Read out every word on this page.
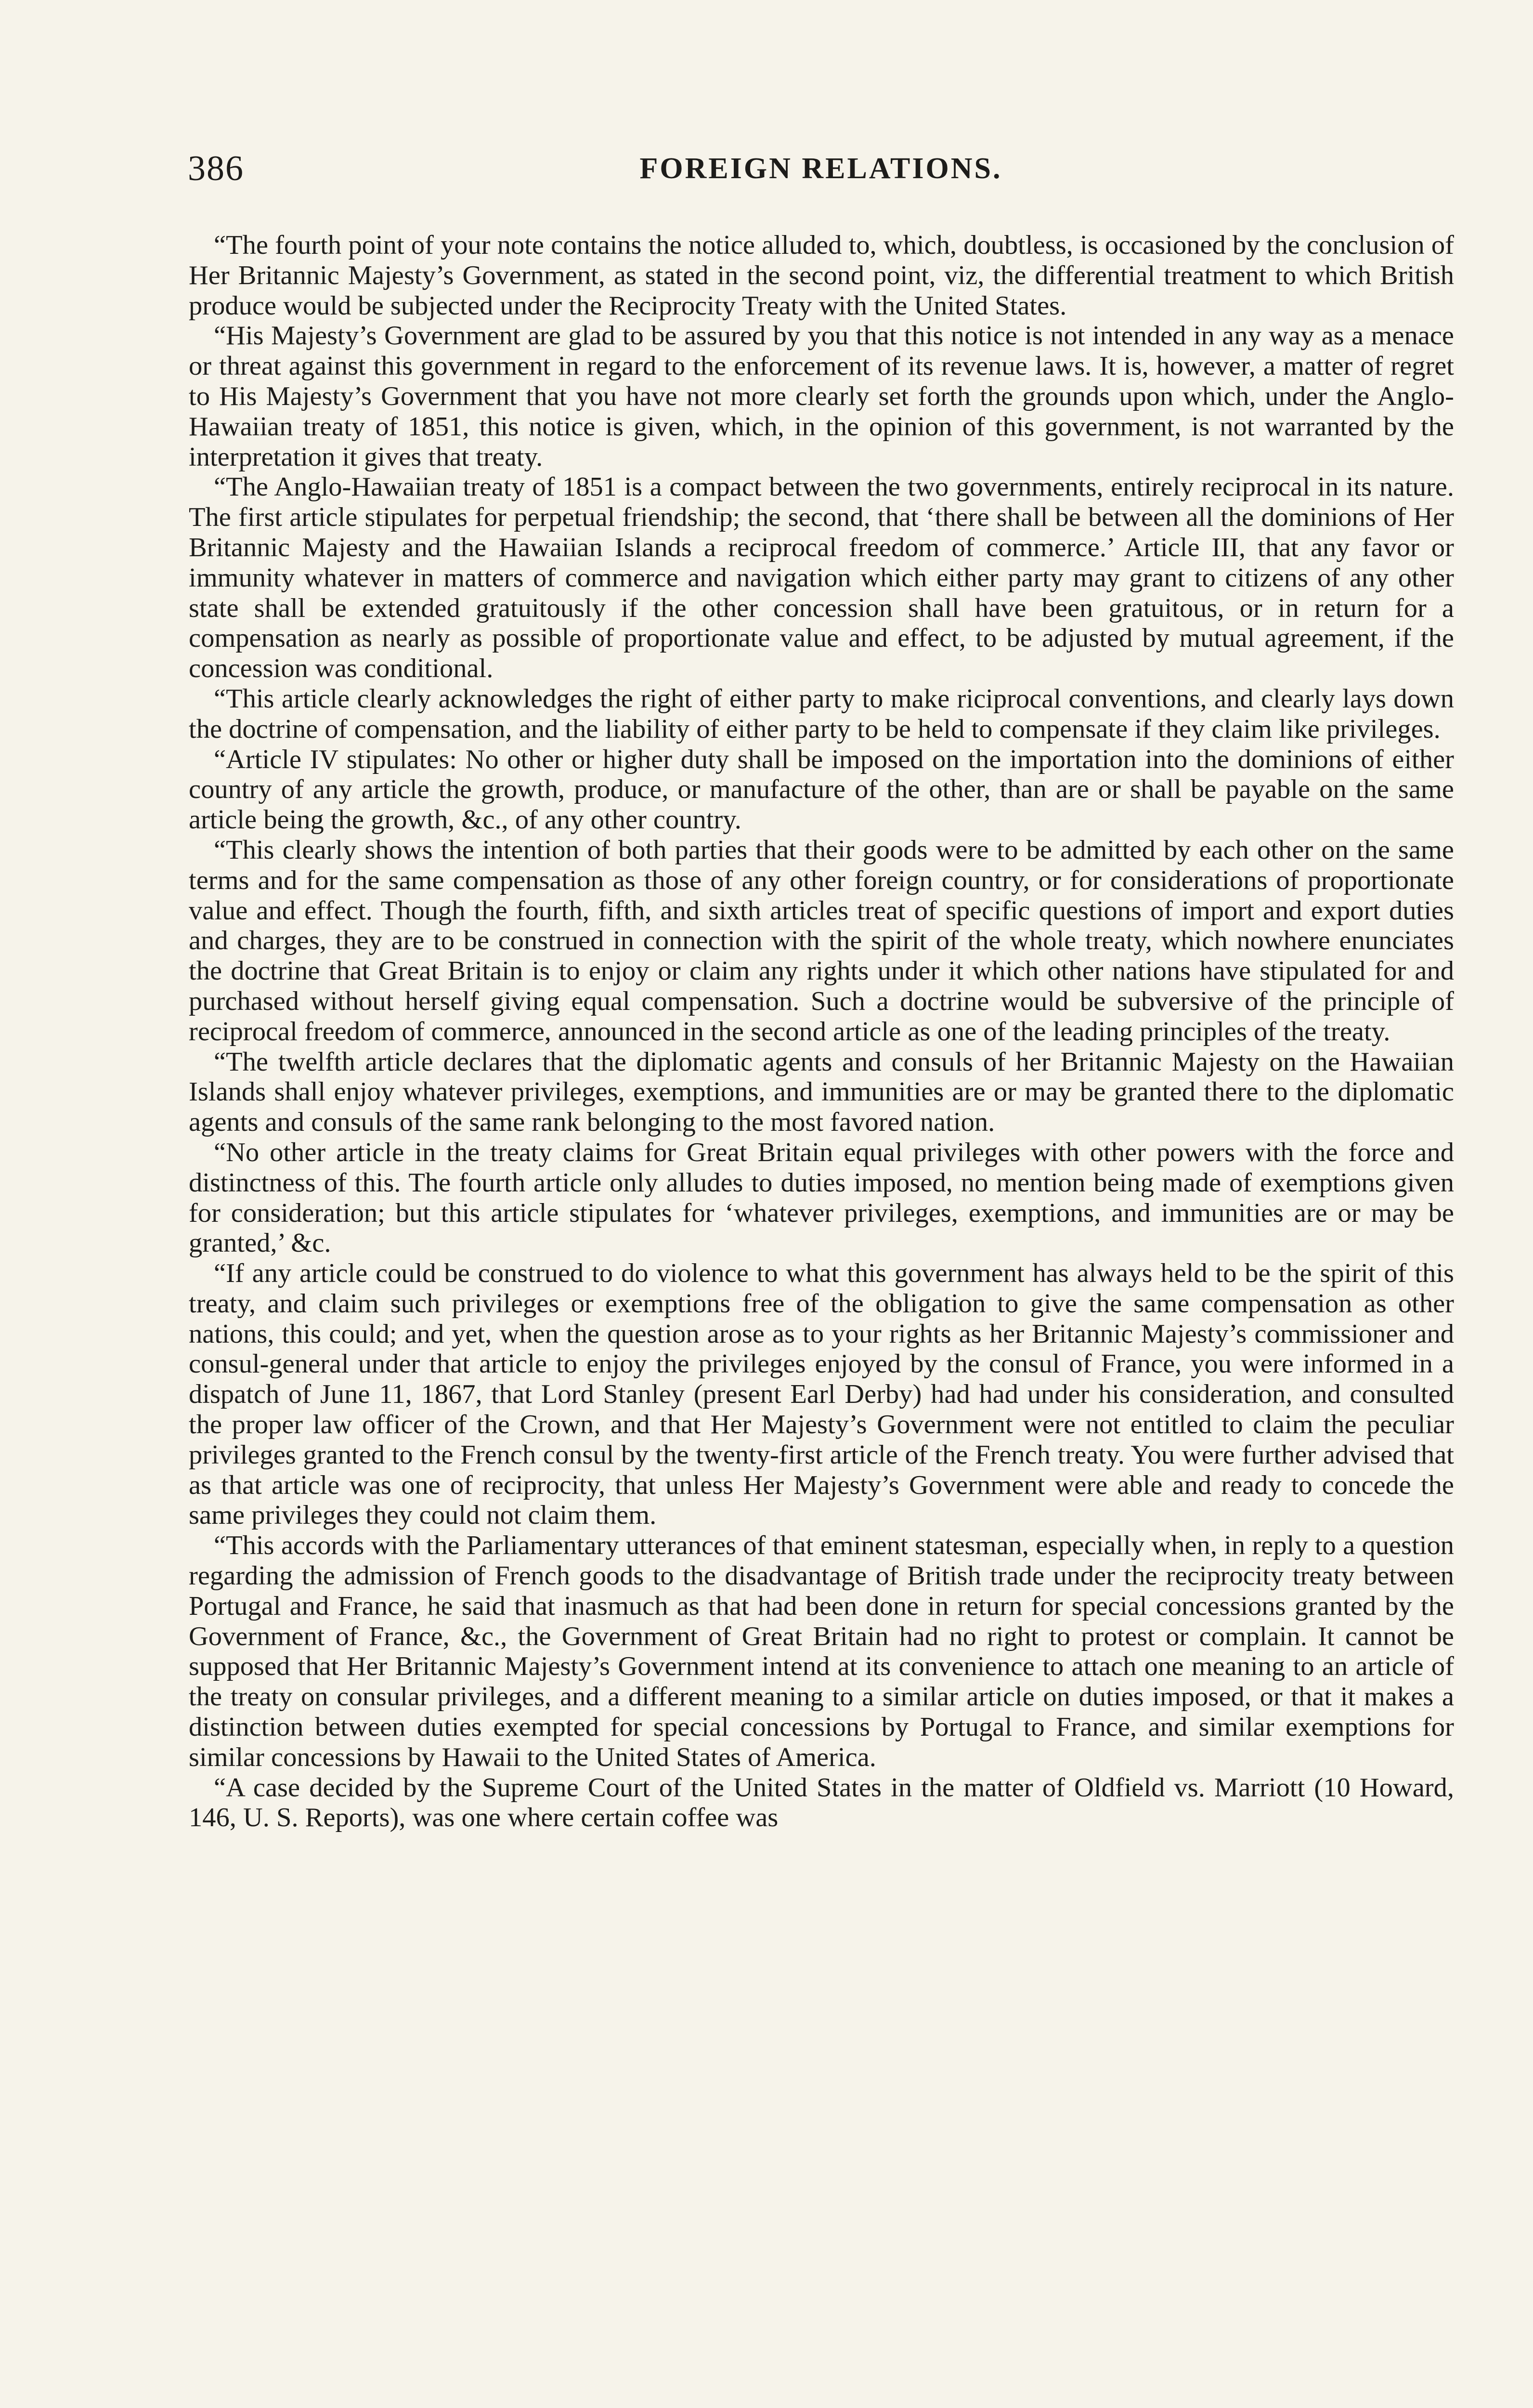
386	FOREIGN RELATIONS.

“The fourth point of your note contains the notice alluded to, which, doubtless, is occasioned by the conclusion of Her Britannic Majesty’s Government, as stated in the second point, viz, the differential treatment to which British produce would be subjected under the Reciprocity Treaty with the United States.

“His Majesty’s Government are glad to be assured by you that this notice is not intended in any way as a menace or threat against this government in regard to the enforcement of its revenue laws. It is, however, a matter of regret to His Majesty’s Government that you have not more clearly set forth the grounds upon which, under the Anglo-Hawaiian treaty of 1851, this notice is given, which, in the opinion of this government, is not warranted by the interpretation it gives that treaty.

“The Anglo-Hawaiian treaty of 1851 is a compact between the two governments, entirely reciprocal in its nature. The first article stipulates for perpetual friendship; the second, that ‘there shall be between all the dominions of Her Britannic Majesty and the Hawaiian Islands a reciprocal freedom of commerce.’ Article III, that any favor or immunity whatever in matters of commerce and navigation which either party may grant to citizens of any other state shall be extended gratuitously if the other concession shall have been gratuitous, or in return for a compensation as nearly as possible of proportionate value and effect, to be adjusted by mutual agreement, if the concession was conditional.

“This article clearly acknowledges the right of either party to make riciprocal conventions, and clearly lays down the doctrine of compensation, and the liability of either party to be held to compensate if they claim like privileges.

“Article IV stipulates: No other or higher duty shall be imposed on the importation into the dominions of either country of any article the growth, produce, or manufacture of the other, than are or shall be payable on the same article being the growth, &c., of any other country.

“This clearly shows the intention of both parties that their goods were to be admitted by each other on the same terms and for the same compensation as those of any other foreign country, or for considerations of proportionate value and effect. Though the fourth, fifth, and sixth articles treat of specific questions of import and export duties and charges, they are to be construed in connection with the spirit of the whole treaty, which nowhere enunciates the doctrine that Great Britain is to enjoy or claim any rights under it which other nations have stipulated for and purchased without herself giving equal compensation. Such a doctrine would be subversive of the principle of reciprocal freedom of commerce, announced in the second article as one of the leading principles of the treaty.

“The twelfth article declares that the diplomatic agents and consuls of her Britannic Majesty on the Hawaiian Islands shall enjoy whatever privileges, exemptions, and immunities are or may be granted there to the diplomatic agents and consuls of the same rank belonging to the most favored nation.

“No other article in the treaty claims for Great Britain equal privileges with other powers with the force and distinctness of this. The fourth article only alludes to duties imposed, no mention being made of exemptions given for consideration; but this article stipulates for ‘whatever privileges, exemptions, and immunities are or may be granted,’ &c.

“If any article could be construed to do violence to what this government has always held to be the spirit of this treaty, and claim such privileges or exemptions free of the obligation to give the same compensation as other nations, this could; and yet, when the question arose as to your rights as her Britannic Majesty’s commissioner and consul-general under that article to enjoy the privileges enjoyed by the consul of France, you were informed in a dispatch of June 11, 1867, that Lord Stanley (present Earl Derby) had had under his consideration, and consulted the proper law officer of the Crown, and that Her Majesty’s Government were not entitled to claim the peculiar privileges granted to the French consul by the twenty-first article of the French treaty. You were further advised that as that article was one of reciprocity, that unless Her Majesty’s Government were able and ready to concede the same privileges they could not claim them.

“This accords with the Parliamentary utterances of that eminent statesman, especially when, in reply to a question regarding the admission of French goods to the disadvantage of British trade under the reciprocity treaty between Portugal and France, he said that inasmuch as that had been done in return for special concessions granted by the Government of France, &c., the Government of Great Britain had no right to protest or complain. It cannot be supposed that Her Britannic Majesty’s Government intend at its convenience to attach one meaning to an article of the treaty on consular privileges, and a different meaning to a similar article on duties imposed, or that it makes a distinction between duties exempted for special concessions by Portugal to France, and similar exemptions for similar concessions by Hawaii to the United States of America.

“A case decided by the Supreme Court of the United States in the matter of Oldfield vs. Marriott (10 Howard, 146, U. S. Reports), was one where certain coffee was
